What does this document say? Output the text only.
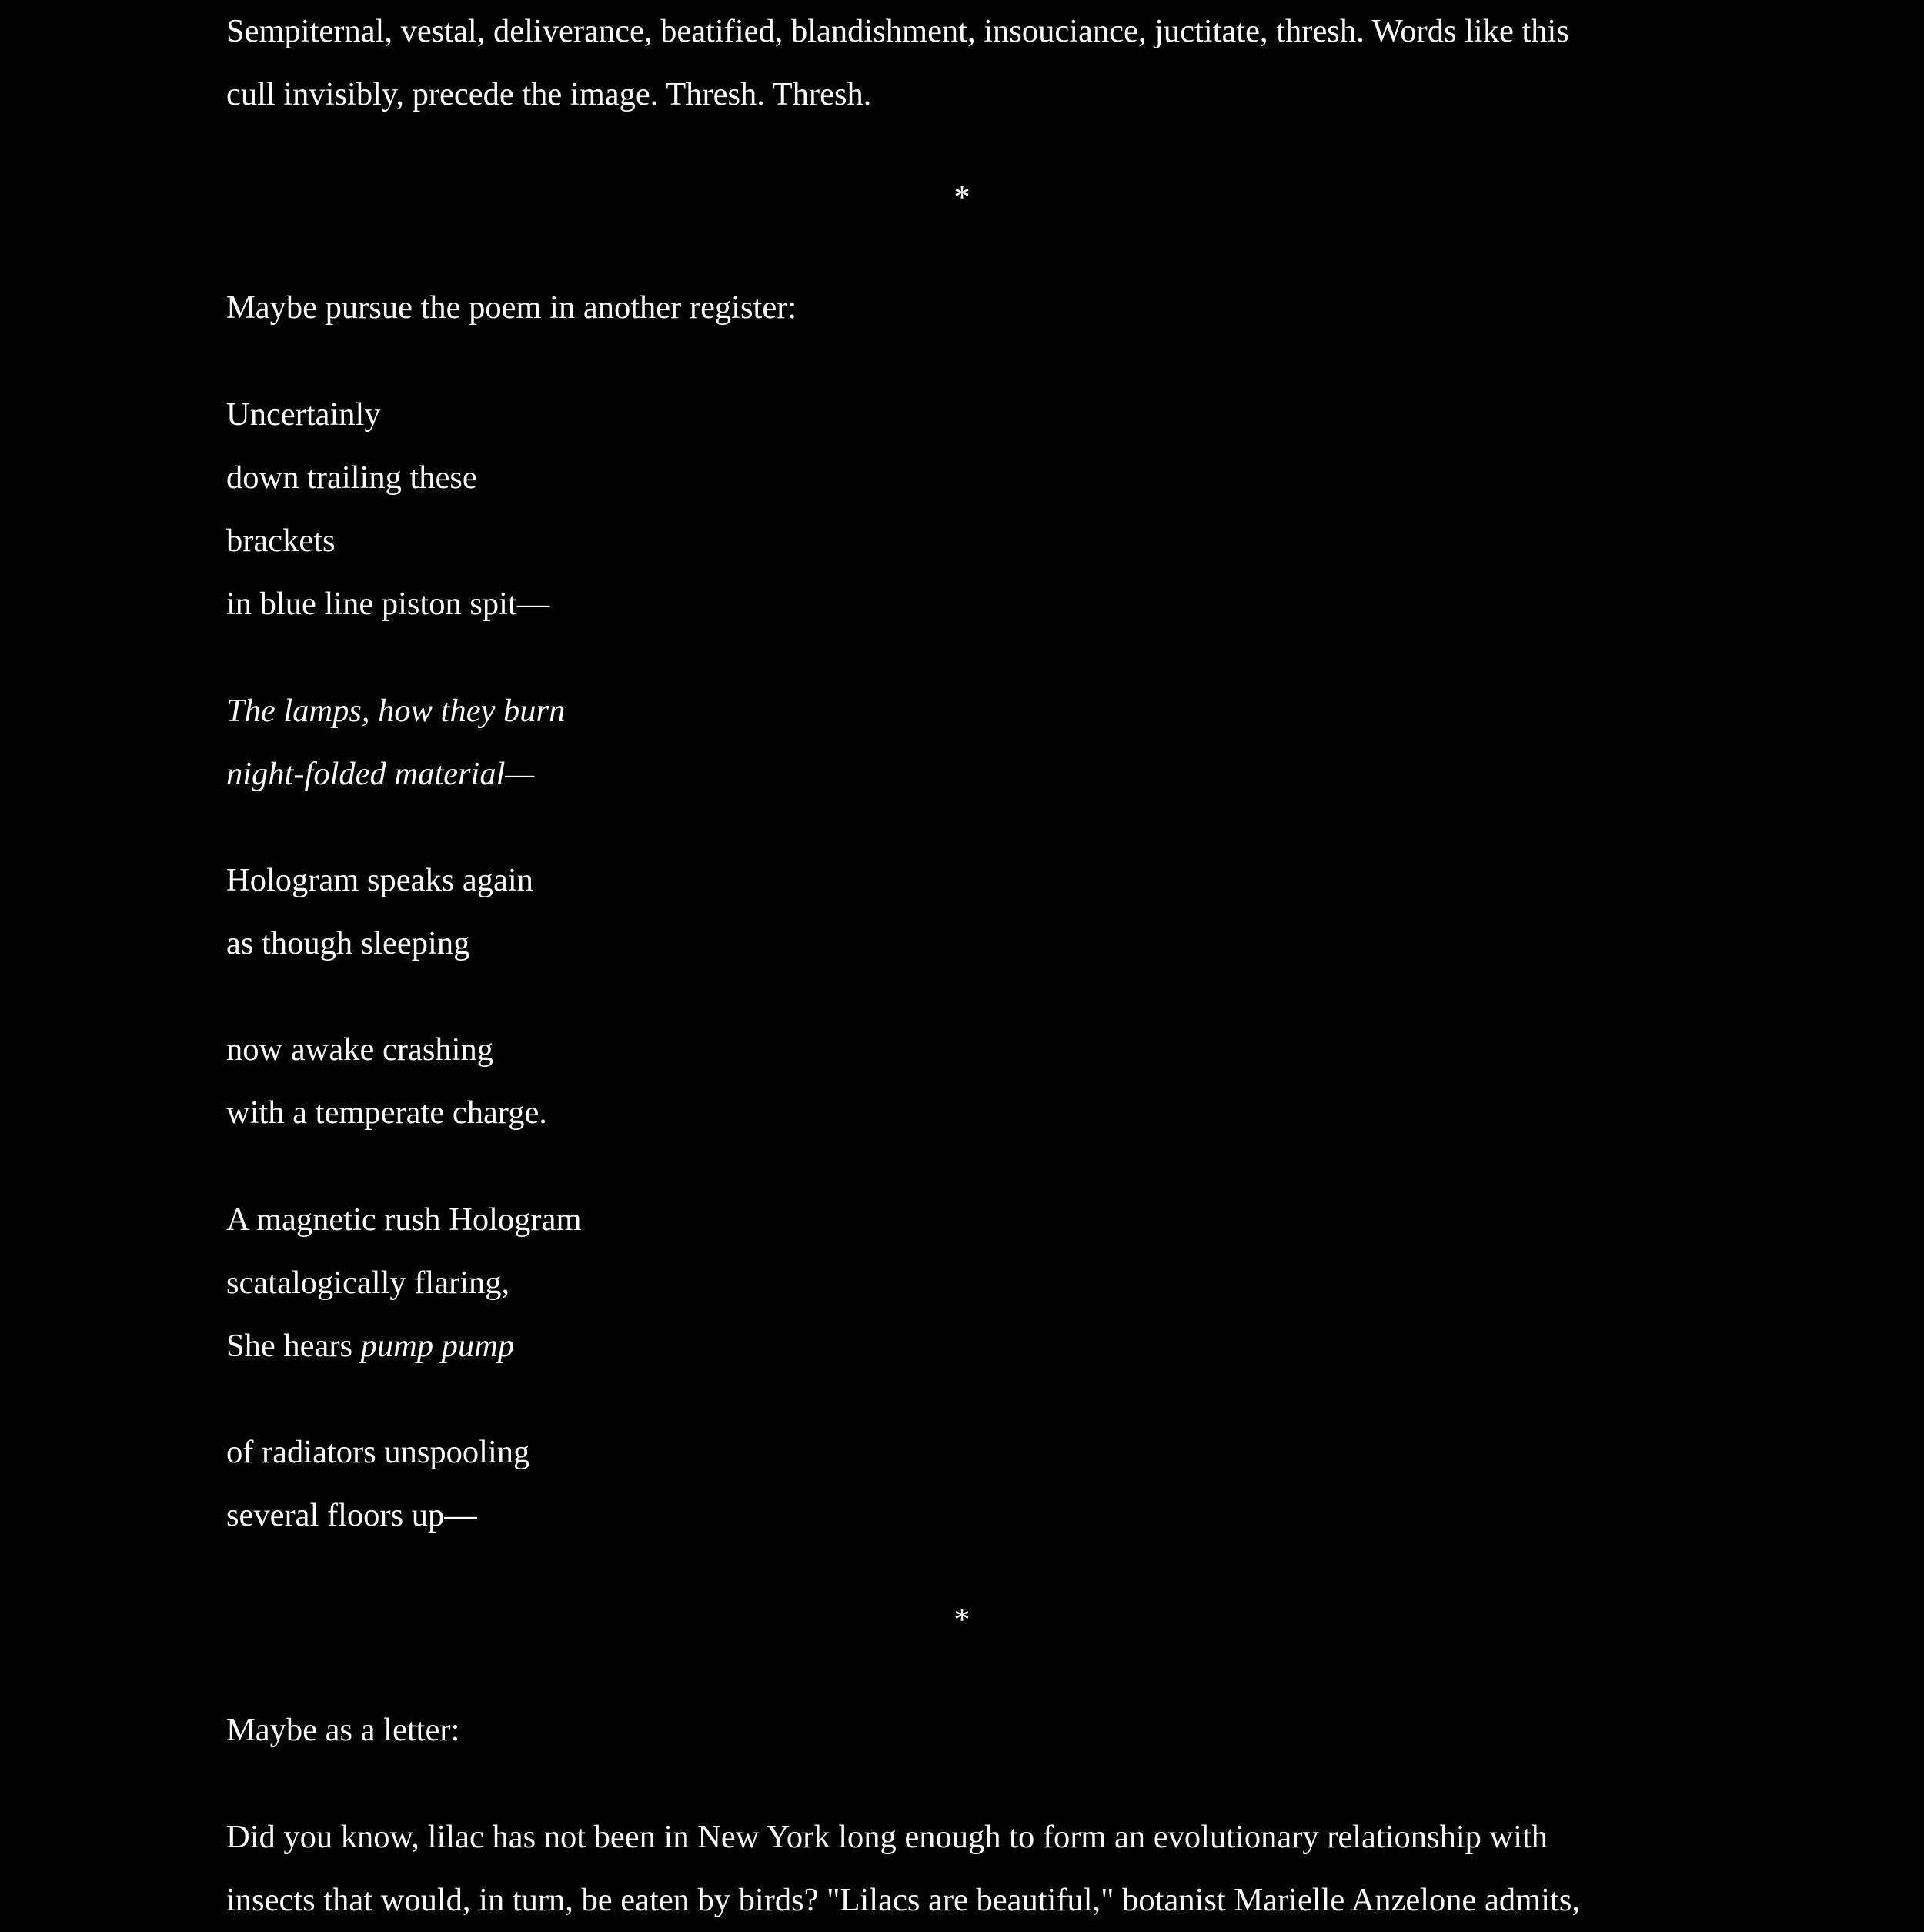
Sempiternal, vestal, deliverance, beatified, blandishment, insouciance, juctitate, thresh. Words like this
cull invisibly, precede the image. Thresh. Thresh.
*
Maybe pursue the poem in another register:
Uncertainly
down trailing these
brackets
in blue line piston spit—
The lamps, how they burn
night-folded material—
Hologram speaks again
as though sleeping
now awake crashing
with a temperate charge.
A magnetic rush Hologram
scatalogically flaring,
She hears pump pump
of radiators unspooling
several floors up—
*
Maybe as a letter:
Did you know, lilac has not been in New York long enough to form an evolutionary relationship with
insects that would, in turn, be eaten by birds? "Lilacs are beautiful," botanist Marielle Anzelone admits,
